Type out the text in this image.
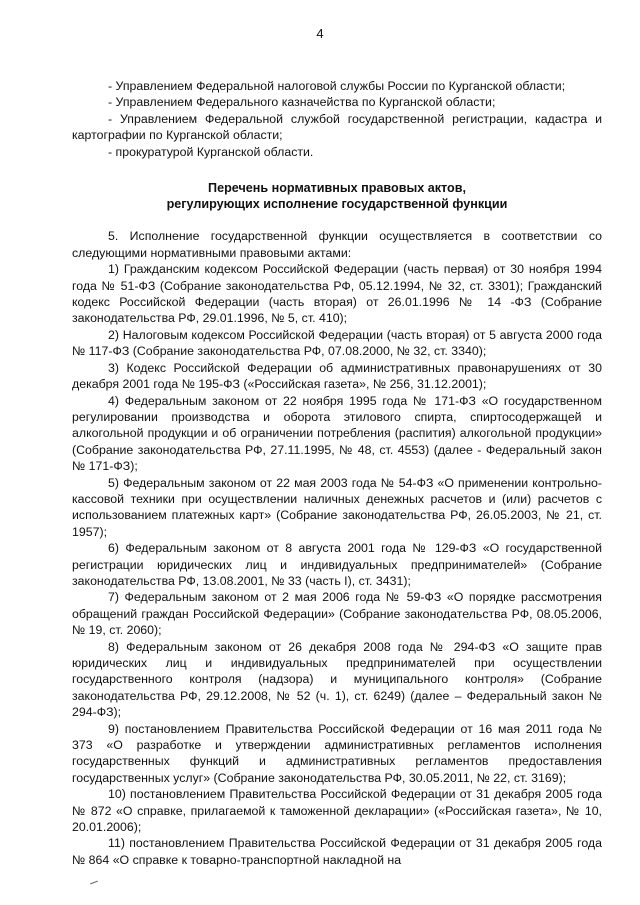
4

- Управлением Федеральной налоговой службы России по Курганской области;

- Управлением Федерального казначейства по Курганской области;

- Управлением Федеральной службой государственной регистрации, кадастра и картографии по Курганской области;

- прокуратурой Курганской области.

Перечень нормативных правовых актов,
регулирующих исполнение государственной функции

5. Исполнение государственной функции осуществляется в соответствии со следующими нормативными правовыми актами:

1) Гражданским кодексом Российской Федерации (часть первая) от 30 ноября 1994 года № 51-ФЗ (Собрание законодательства РФ, 05.12.1994, № 32, ст. 3301); Гражданский кодекс Российской Федерации (часть вторая) от 26.01.1996 № 14 -ФЗ (Собрание законодательства РФ, 29.01.1996, № 5, ст. 410);

2) Налоговым кодексом Российской Федерации (часть вторая) от 5 августа 2000 года № 117-ФЗ (Собрание законодательства РФ, 07.08.2000, № 32, ст. 3340);

3) Кодекс Российской Федерации об административных правонарушениях от 30 декабря 2001 года № 195-ФЗ («Российская газета», № 256, 31.12.2001);

4) Федеральным законом от 22 ноября 1995 года № 171-ФЗ «О государственном регулировании производства и оборота этилового спирта, спиртосодержащей и алкогольной продукции и об ограничении потребления (распития) алкогольной продукции» (Собрание законодательства РФ, 27.11.1995, № 48, ст. 4553) (далее - Федеральный закон № 171-ФЗ);

5) Федеральным законом от 22 мая 2003 года № 54-ФЗ «О применении контрольно-кассовой техники при осуществлении наличных денежных расчетов и (или) расчетов с использованием платежных карт» (Собрание законодательства РФ, 26.05.2003, № 21, ст. 1957);

6) Федеральным законом от 8 августа 2001 года № 129-ФЗ «О государственной регистрации юридических лиц и индивидуальных предпринимателей» (Собрание законодательства РФ, 13.08.2001, № 33 (часть I), ст. 3431);

7) Федеральным законом от 2 мая 2006 года № 59-ФЗ «О порядке рассмотрения обращений граждан Российской Федерации» (Собрание законодательства РФ, 08.05.2006, № 19, ст. 2060);

8) Федеральным законом от 26 декабря 2008 года № 294-ФЗ «О защите прав юридических лиц и индивидуальных предпринимателей при осуществлении государственного контроля (надзора) и муниципального контроля» (Собрание законодательства РФ, 29.12.2008, № 52 (ч. 1), ст. 6249) (далее – Федеральный закон № 294-ФЗ);

9) постановлением Правительства Российской Федерации от 16 мая 2011 года № 373 «О разработке и утверждении административных регламентов исполнения государственных функций и административных регламентов предоставления государственных услуг» (Собрание законодательства РФ, 30.05.2011, № 22, ст. 3169);

10) постановлением Правительства Российской Федерации от 31 декабря 2005 года № 872 «О справке, прилагаемой к таможенной декларации» («Российская газета», № 10, 20.01.2006);

11) постановлением Правительства Российской Федерации от 31 декабря 2005 года № 864 «О справке к товарно-транспортной накладной на
